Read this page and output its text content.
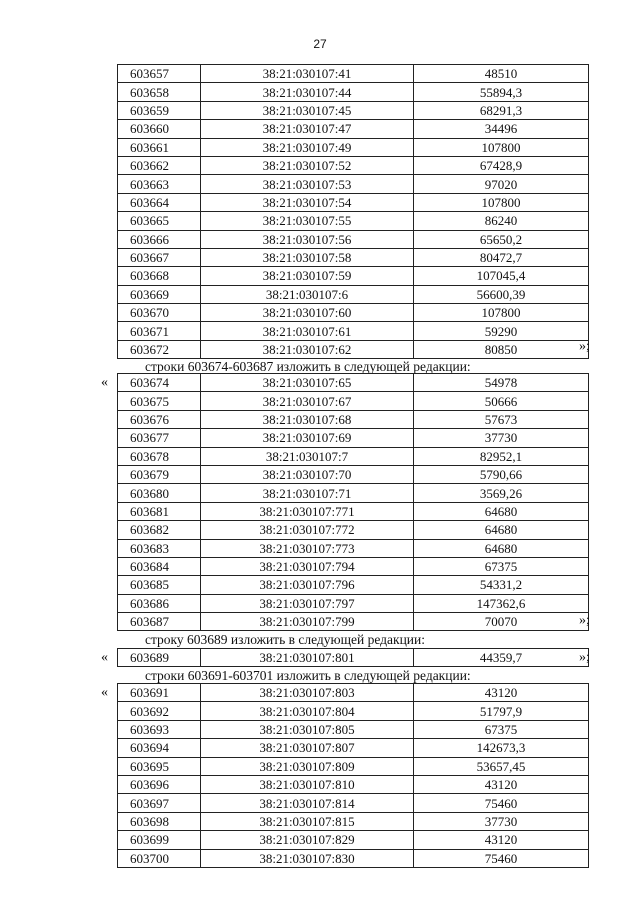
27
603657	38:21:030107:41	48510
603658	38:21:030107:44	55894,3
603659	38:21:030107:45	68291,3
603660	38:21:030107:47	34496
603661	38:21:030107:49	107800
603662	38:21:030107:52	67428,9
603663	38:21:030107:53	97020
603664	38:21:030107:54	107800
603665	38:21:030107:55	86240
603666	38:21:030107:56	65650,2
603667	38:21:030107:58	80472,7
603668	38:21:030107:59	107045,4
603669	38:21:030107:6	56600,39
603670	38:21:030107:60	107800
603671	38:21:030107:61	59290
603672	38:21:030107:62	80850	»;
строки 603674-603687 изложить в следующей редакции:
« 603674	38:21:030107:65	54978
603675	38:21:030107:67	50666
603676	38:21:030107:68	57673
603677	38:21:030107:69	37730
603678	38:21:030107:7	82952,1
603679	38:21:030107:70	5790,66
603680	38:21:030107:71	3569,26
603681	38:21:030107:771	64680
603682	38:21:030107:772	64680
603683	38:21:030107:773	64680
603684	38:21:030107:794	67375
603685	38:21:030107:796	54331,2
603686	38:21:030107:797	147362,6
603687	38:21:030107:799	70070	»;
строку 603689 изложить в следующей редакции:
« 603689	38:21:030107:801	44359,7	»;
строки 603691-603701 изложить в следующей редакции:
« 603691	38:21:030107:803	43120
603692	38:21:030107:804	51797,9
603693	38:21:030107:805	67375
603694	38:21:030107:807	142673,3
603695	38:21:030107:809	53657,45
603696	38:21:030107:810	43120
603697	38:21:030107:814	75460
603698	38:21:030107:815	37730
603699	38:21:030107:829	43120
603700	38:21:030107:830	75460
